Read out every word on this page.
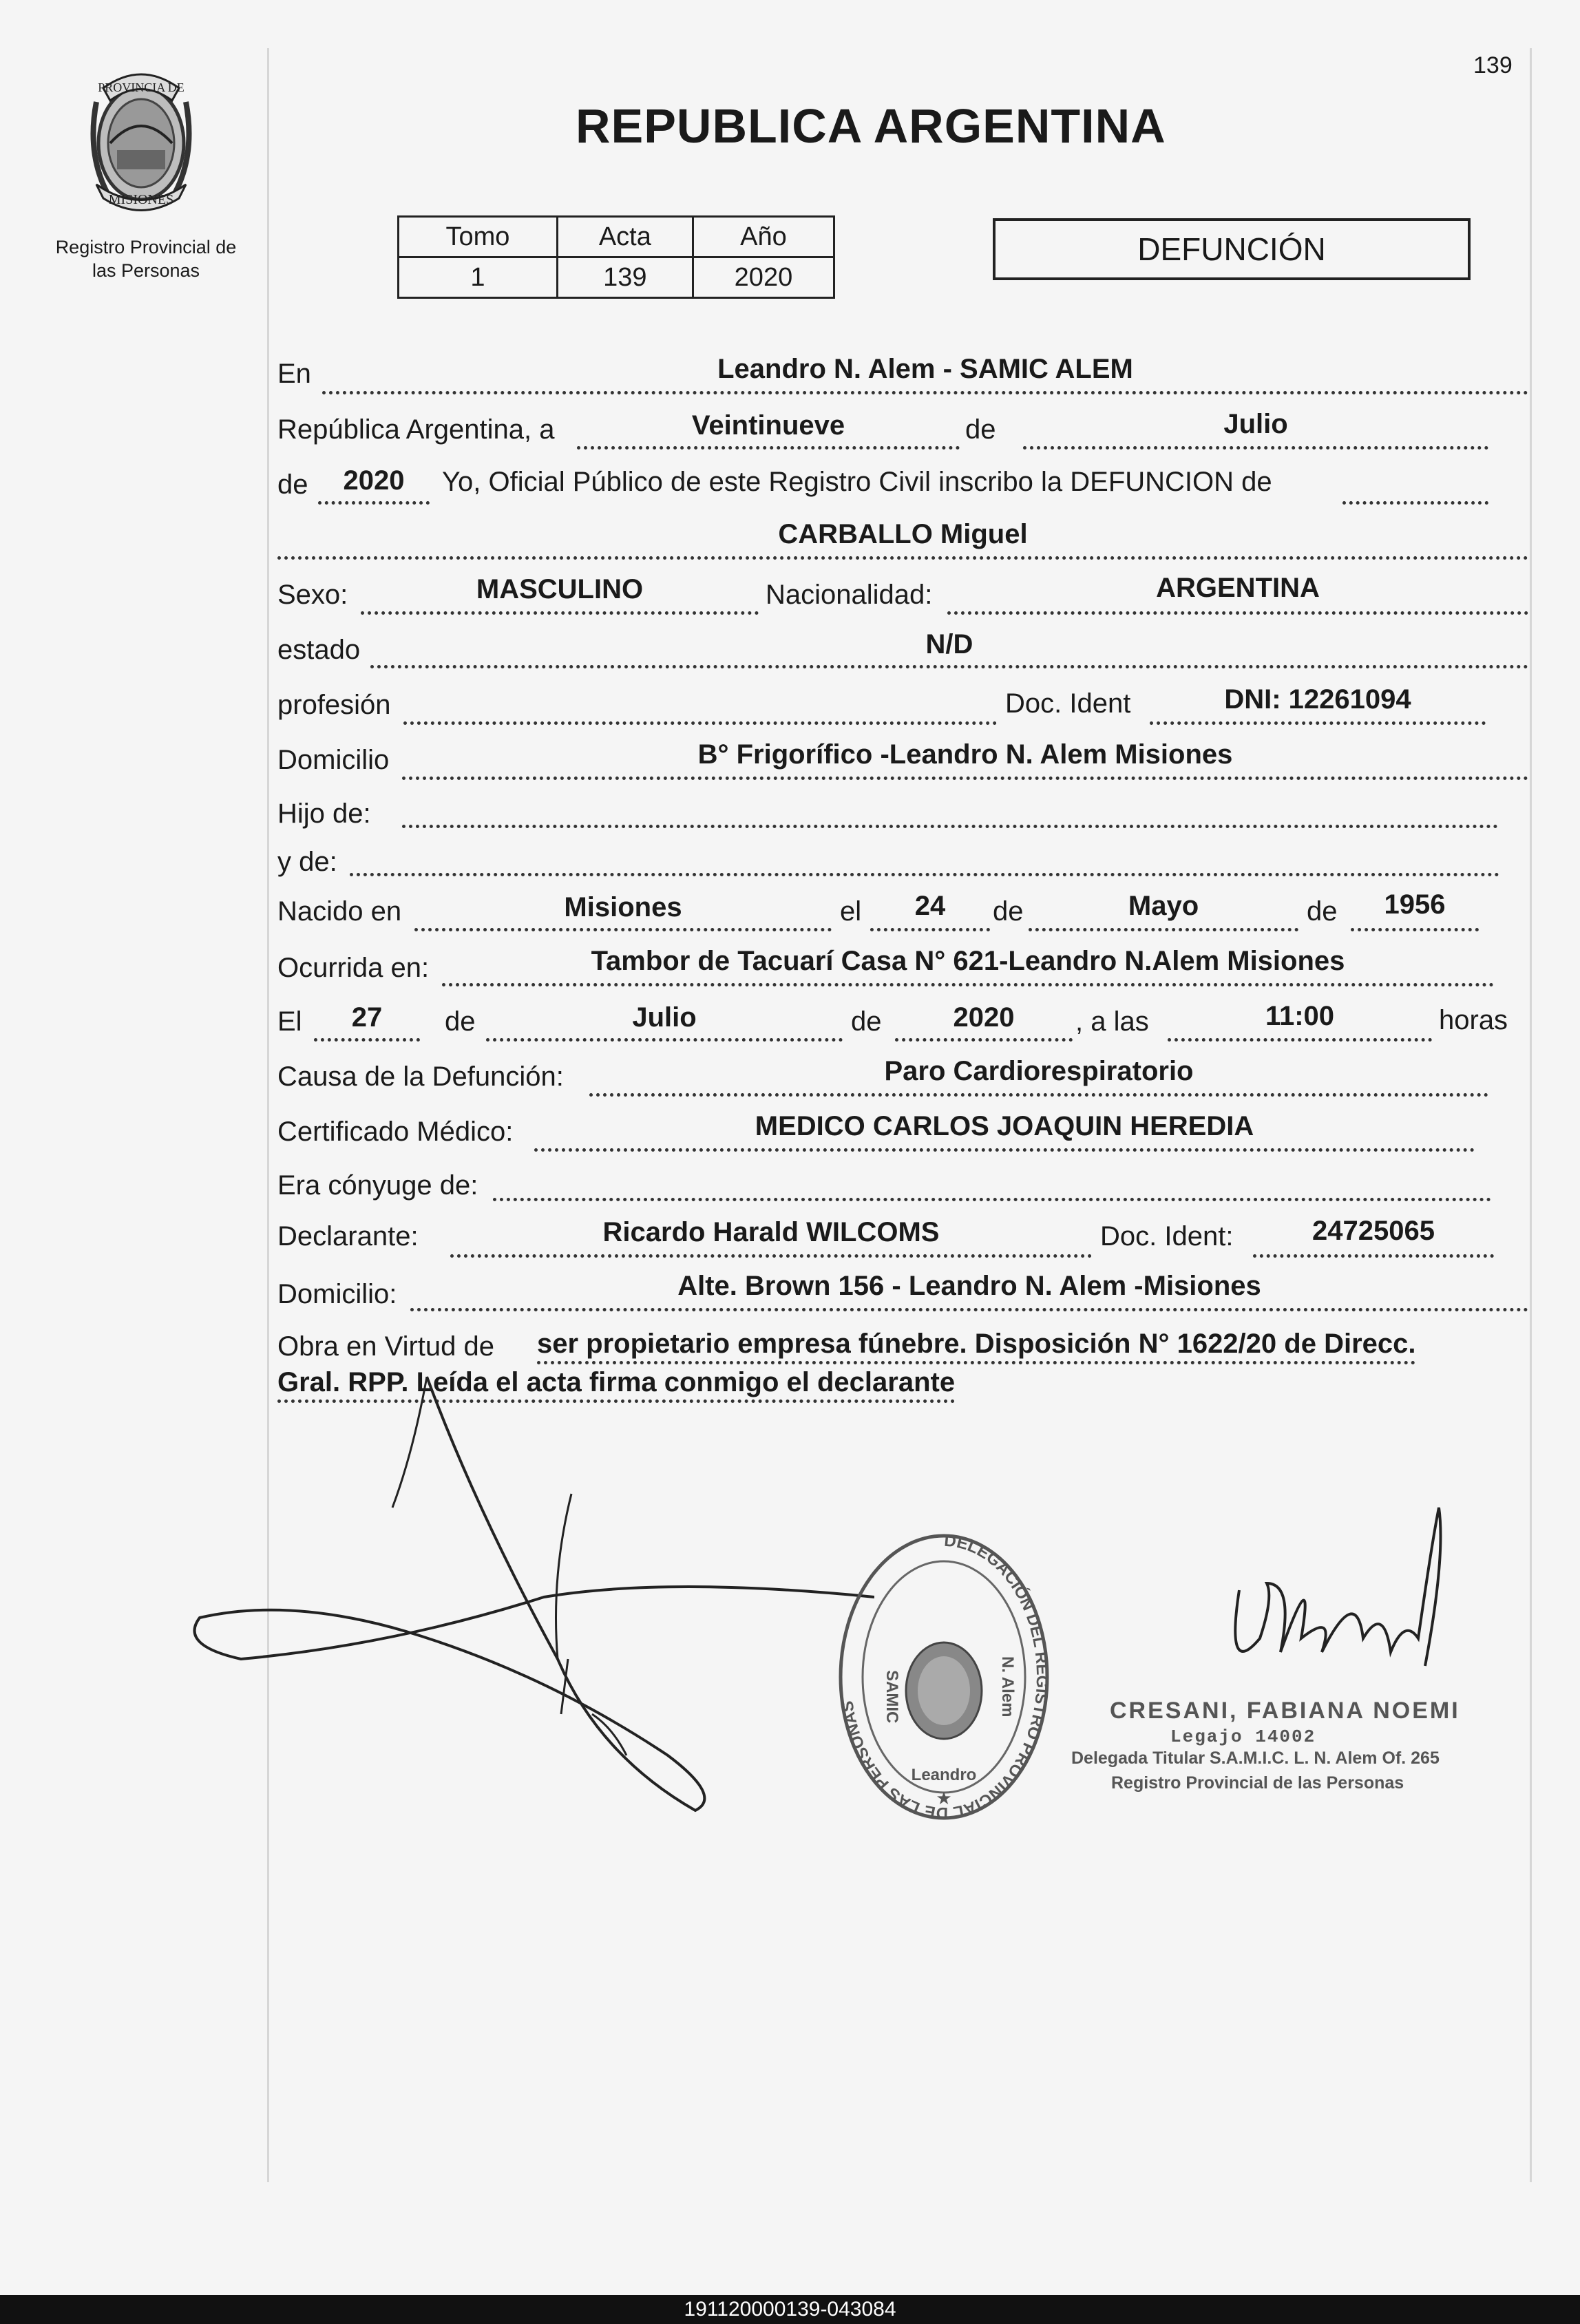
139
PROVINCIA DE
MISIONES
Registro Provincial de
las Personas
REPUBLICA ARGENTINA
Tomo	Acta	Año
1	139	2020
DEFUNCIÓN
En	Leandro N. Alem - SAMIC ALEM
República Argentina, a	Veintinueve	de	Julio
de	2020	Yo, Oficial Público de este Registro Civil inscribo la DEFUNCION de
CARBALLO Miguel
Sexo:	MASCULINO	Nacionalidad:	ARGENTINA
estado	N/D
profesión	Doc. Ident	DNI: 12261094
Domicilio	B° Frigorífico -Leandro N. Alem Misiones
Hijo de:
y de:
Nacido en	Misiones	el	24	de	Mayo	de	1956
Ocurrida en:	Tambor de Tacuarí Casa N° 621-Leandro N.Alem Misiones
El	27	de	Julio	de	2020	, a las	11:00	horas
Causa de la Defunción:	Paro Cardiorespiratorio
Certificado Médico:	MEDICO CARLOS JOAQUIN HEREDIA
Era cónyuge de:
Declarante:	Ricardo Harald WILCOMS	Doc. Ident:	24725065
Domicilio:	Alte. Brown 156 - Leandro N. Alem -Misiones
Obra en Virtud de ser propietario empresa fúnebre. Disposición N° 1622/20 de Direcc.
Gral. RPP. Leída el acta firma conmigo el declarante
DELEGACIÓN DEL REGISTRO PROVINCIAL DE LAS PERSONAS	SAMIC	N. Alem
Leandro
★
CRESANI, FABIANA NOEMI
Legajo 14002
Delegada Titular S.A.M.I.C. L. N. Alem Of. 265
Registro Provincial de las Personas
191120000139-043084
